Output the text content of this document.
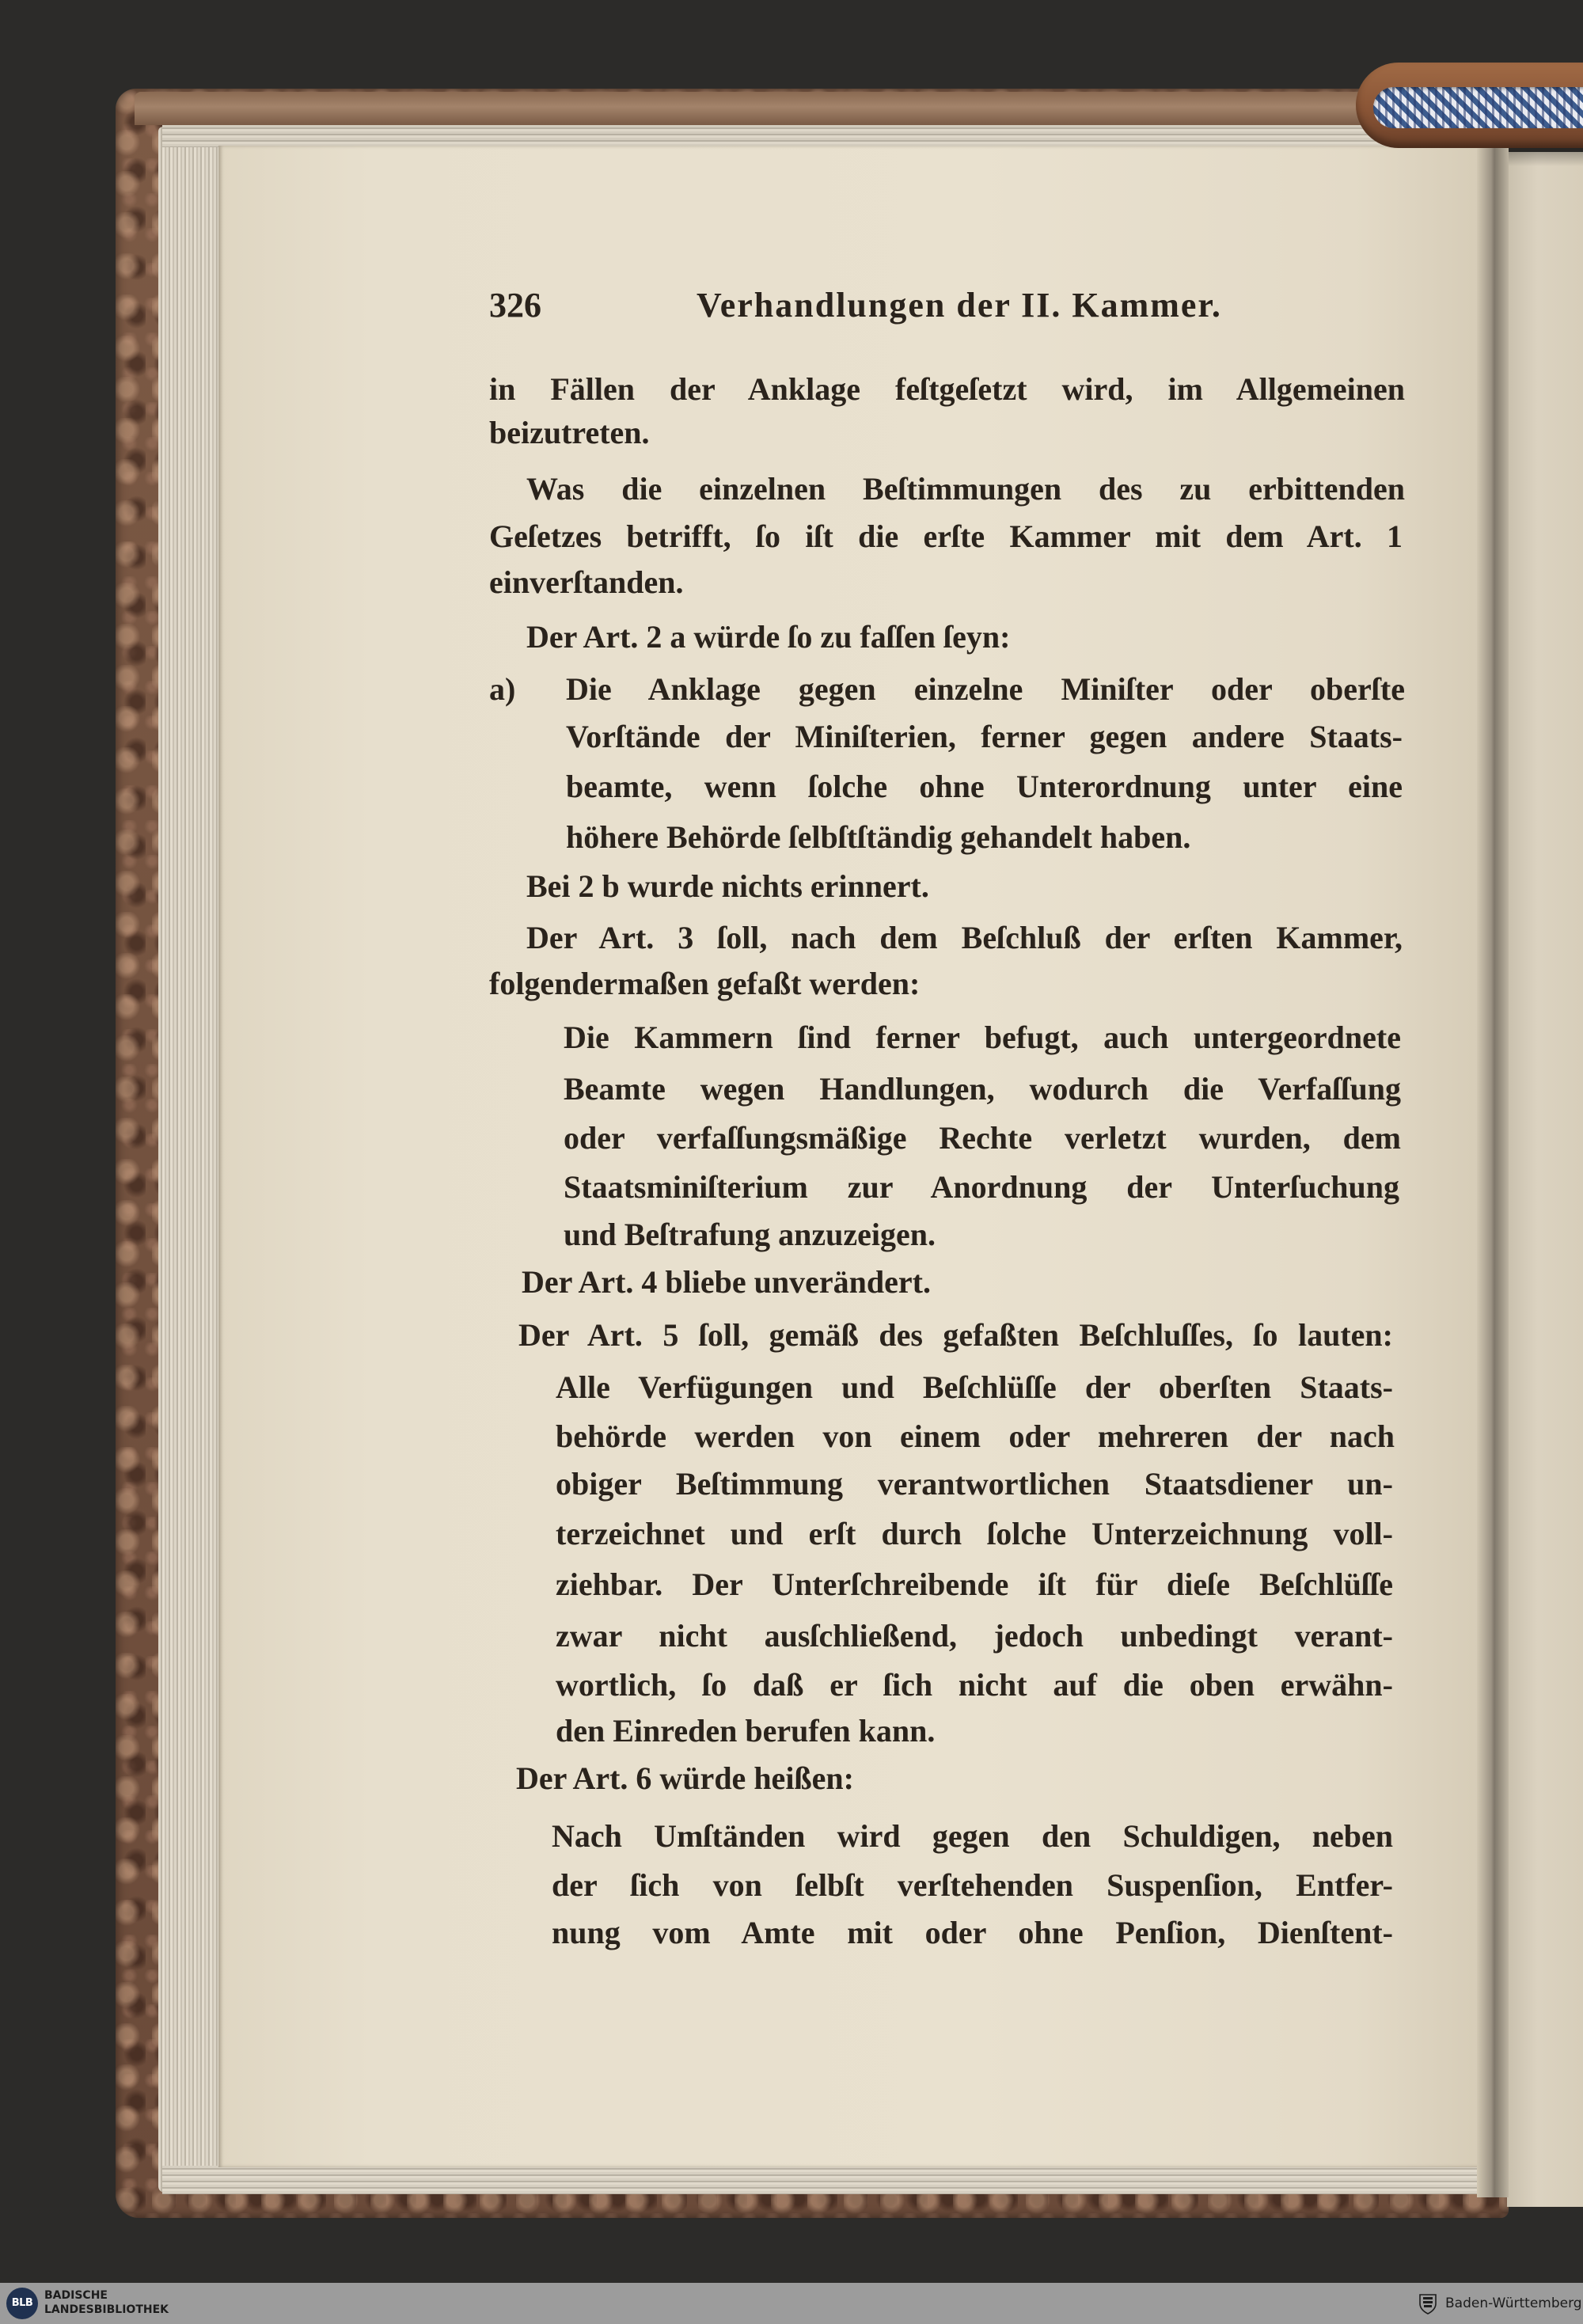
326	Verhandlungen der II. Kammer.
in Fällen der Anklage feſtgeſetzt wird, im Allgemeinen
beizutreten.
Was die einzelnen Beſtimmungen des zu erbittenden
Geſetzes betrifft, ſo iſt die erſte Kammer mit dem Art. 1
einverſtanden.
Der Art. 2 a würde ſo zu faſſen ſeyn:
a) Die Anklage gegen einzelne Miniſter oder oberſte
Vorſtände der Miniſterien, ferner gegen andere Staats-
beamte, wenn ſolche ohne Unterordnung unter eine
höhere Behörde ſelbſtſtändig gehandelt haben.
Bei 2 b wurde nichts erinnert.
Der Art. 3 ſoll, nach dem Beſchluß der erſten Kammer,
folgendermaßen gefaßt werden:
Die Kammern ſind ferner befugt, auch untergeordnete
Beamte wegen Handlungen, wodurch die Verfaſſung
oder verfaſſungsmäßige Rechte verletzt wurden, dem
Staatsminiſterium zur Anordnung der Unterſuchung
und Beſtrafung anzuzeigen.
Der Art. 4 bliebe unverändert.
Der Art. 5 ſoll, gemäß des gefaßten Beſchluſſes, ſo lauten:
Alle Verfügungen und Beſchlüſſe der oberſten Staats-
behörde werden von einem oder mehreren der nach
obiger Beſtimmung verantwortlichen Staatsdiener un-
terzeichnet und erſt durch ſolche Unterzeichnung voll-
ziehbar. Der Unterſchreibende iſt für dieſe Beſchlüſſe
zwar nicht ausſchließend, jedoch unbedingt verant-
wortlich, ſo daß er ſich nicht auf die oben erwähn-
den Einreden berufen kann.
Der Art. 6 würde heißen:
Nach Umſtänden wird gegen den Schuldigen, neben
der ſich von ſelbſt verſtehenden Suspenſion, Entfer-
nung vom Amte mit oder ohne Penſion, Dienſtent-
BLB
BADISCHE
LANDESBIBLIOTHEK	Baden-Württemberg
